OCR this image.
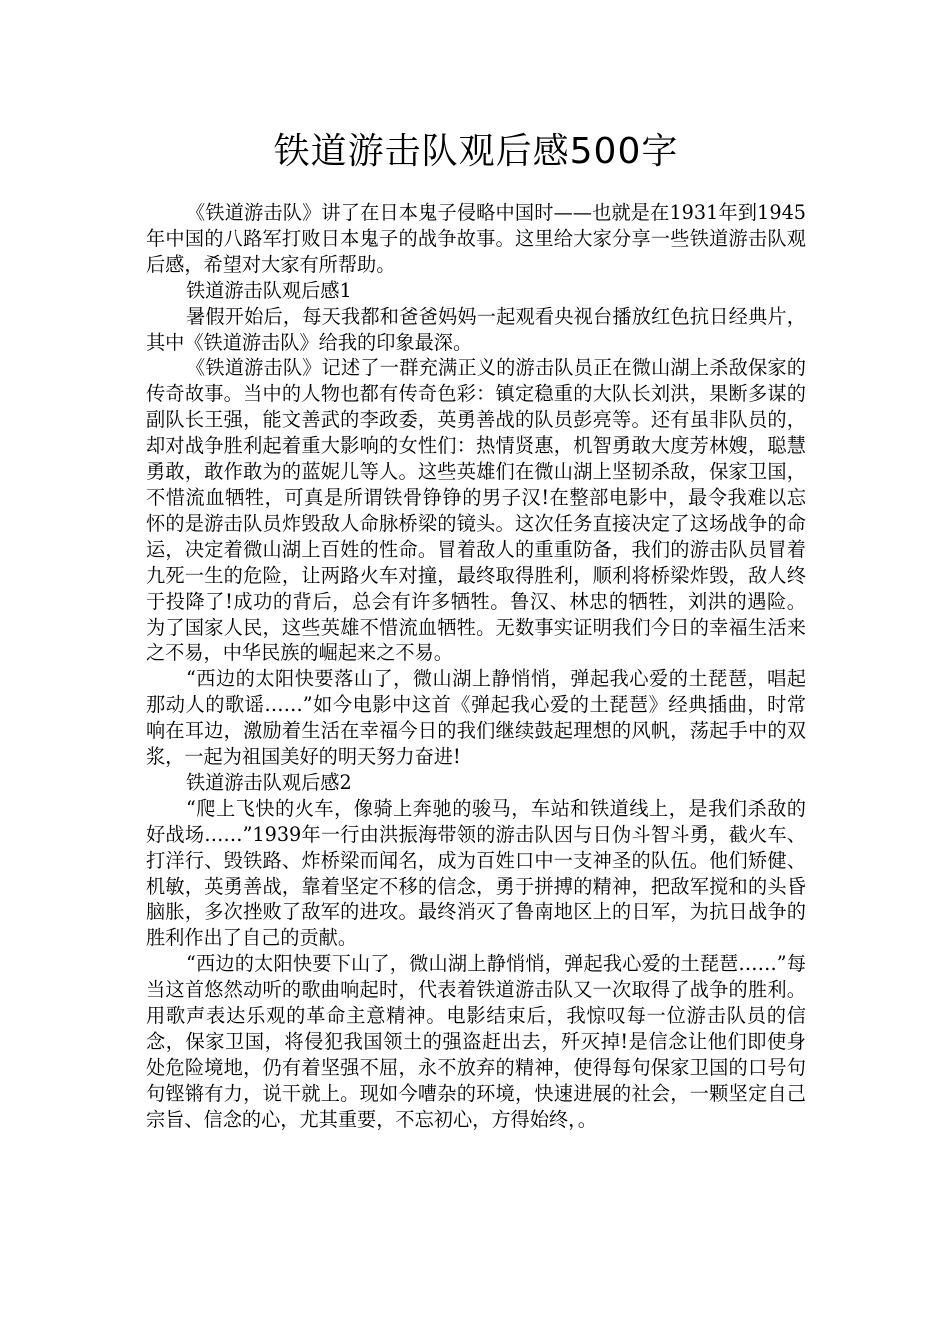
铁道游击队观后感500字

《铁道游击队》讲了在日本鬼子侵略中国时——也就是在1931年到1945年中国的八路军打败日本鬼子的战争故事。这里给大家分享一些铁道游击队观后感，希望对大家有所帮助。

铁道游击队观后感1

暑假开始后，每天我都和爸爸妈妈一起观看央视台播放红色抗日经典片，其中《铁道游击队》给我的印象最深。

《铁道游击队》记述了一群充满正义的游击队员正在微山湖上杀敌保家的传奇故事。当中的人物也都有传奇色彩：镇定稳重的大队长刘洪，果断多谋的副队长王强，能文善武的李政委，英勇善战的队员彭亮等。还有虽非队员的，却对战争胜利起着重大影响的女性们：热情贤惠，机智勇敢大度芳林嫂，聪慧勇敢，敢作敢为的蓝妮儿等人。这些英雄们在微山湖上坚韧杀敌，保家卫国，不惜流血牺牲，可真是所谓铁骨铮铮的男子汉!在整部电影中，最令我难以忘怀的是游击队员炸毁敌人命脉桥梁的镜头。这次任务直接决定了这场战争的命运，决定着微山湖上百姓的性命。冒着敌人的重重防备，我们的游击队员冒着九死一生的危险，让两路火车对撞，最终取得胜利，顺利将桥梁炸毁，敌人终于投降了!成功的背后，总会有许多牺牲。鲁汉、林忠的牺牲，刘洪的遇险。为了国家人民，这些英雄不惜流血牺牲。无数事实证明我们今日的幸福生活来之不易，中华民族的崛起来之不易。

“西边的太阳快要落山了，微山湖上静悄悄，弹起我心爱的土琵琶，唱起那动人的歌谣……”如今电影中这首《弹起我心爱的土琵琶》经典插曲，时常响在耳边，激励着生活在幸福今日的我们继续鼓起理想的风帆，荡起手中的双浆，一起为祖国美好的明天努力奋进!

铁道游击队观后感2

“爬上飞快的火车，像骑上奔驰的骏马，车站和铁道线上，是我们杀敌的好战场……”1939年一行由洪振海带领的游击队因与日伪斗智斗勇，截火车、打洋行、毁铁路、炸桥梁而闻名，成为百姓口中一支神圣的队伍。他们矫健、机敏，英勇善战，靠着坚定不移的信念，勇于拼搏的精神，把敌军搅和的头昏脑胀，多次挫败了敌军的进攻。最终消灭了鲁南地区上的日军，为抗日战争的胜利作出了自己的贡献。

“西边的太阳快要下山了，微山湖上静悄悄，弹起我心爱的土琵琶……”每当这首悠然动听的歌曲响起时，代表着铁道游击队又一次取得了战争的胜利。用歌声表达乐观的革命主意精神。电影结束后，我惊叹每一位游击队员的信念，保家卫国，将侵犯我国领土的强盗赶出去，歼灭掉!是信念让他们即使身处危险境地，仍有着坚强不屈，永不放弃的精神，使得每句保家卫国的口号句句铿锵有力，说干就上。现如今嘈杂的环境，快速进展的社会，一颗坚定自己宗旨、信念的心，尤其重要，不忘初心，方得始终，。
